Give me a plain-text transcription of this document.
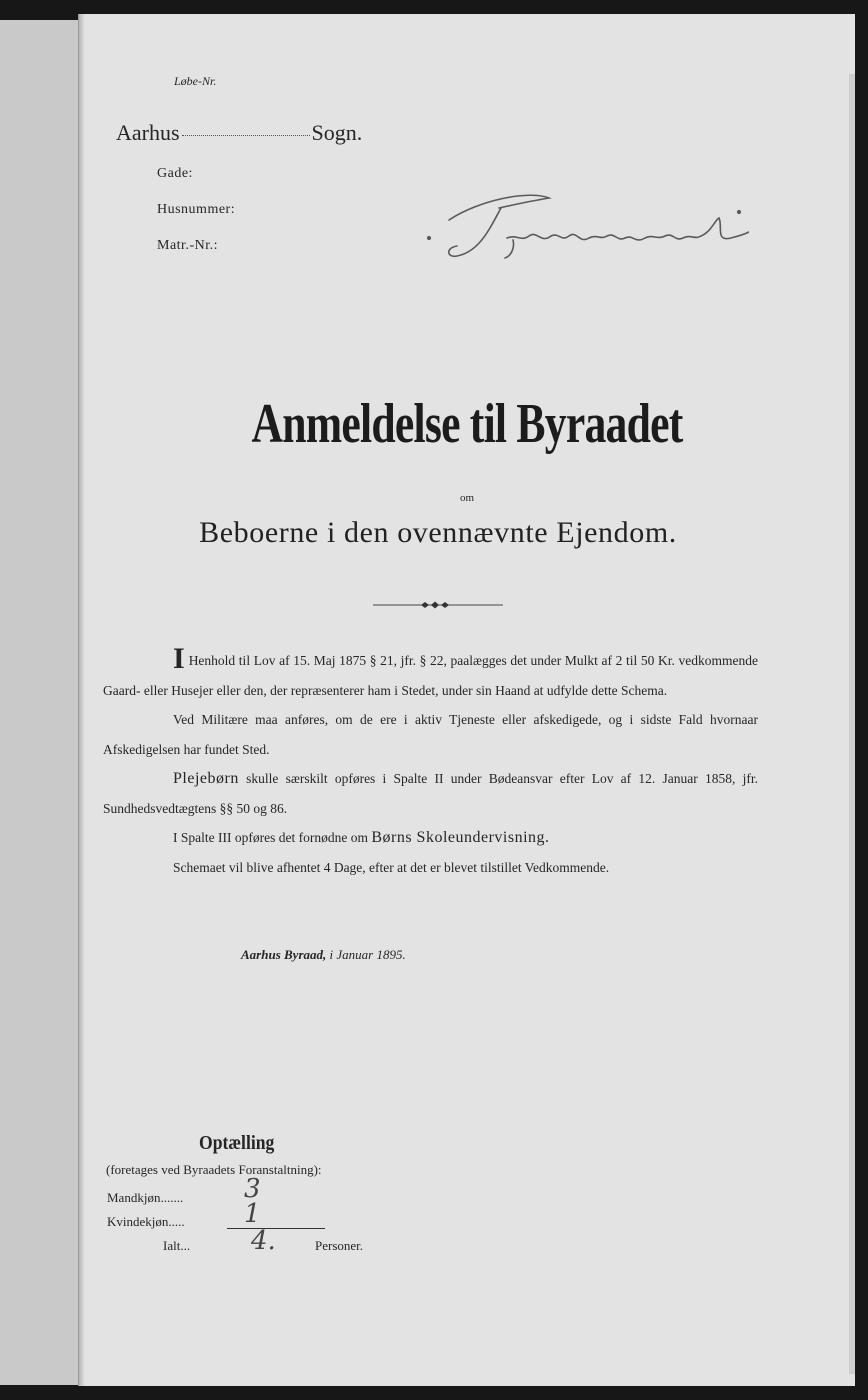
Løbe-Nr.
Aarhus	Sogn.
Gade:
Husnummer:
Matr.-Nr.:
Anmeldelse til Byraadet
om
Beboerne i den ovennævnte Ejendom.

I Henhold til Lov af 15. Maj 1875 § 21, jfr. § 22, paalægges det under Mulkt af 2 til 50 Kr. vedkommende Gaard- eller Husejer eller den, der repræsenterer ham i Stedet, under sin Haand at udfylde dette Schema.

Ved Militære maa anføres, om de ere i aktiv Tjeneste eller afskedigede, og i sidste Fald hvornaar Afskedigelsen har fundet Sted.

Plejebørn skulle særskilt opføres i Spalte II under Bødeansvar efter Lov af 12. Januar 1858, jfr. Sundhedsvedtægtens §§ 50 og 86.

I Spalte III opføres det fornødne om Børns Skoleundervisning.

Schemaet vil blive afhentet 4 Dage, efter at det er blevet tilstillet Vedkommende.

Aarhus Byraad, i Januar 1895.
Optælling
(foretages ved Byraadets Foranstaltning):
Mandkjøn....... 3
Kvindekjøn..... 1
Ialt... 4.	Personer.
